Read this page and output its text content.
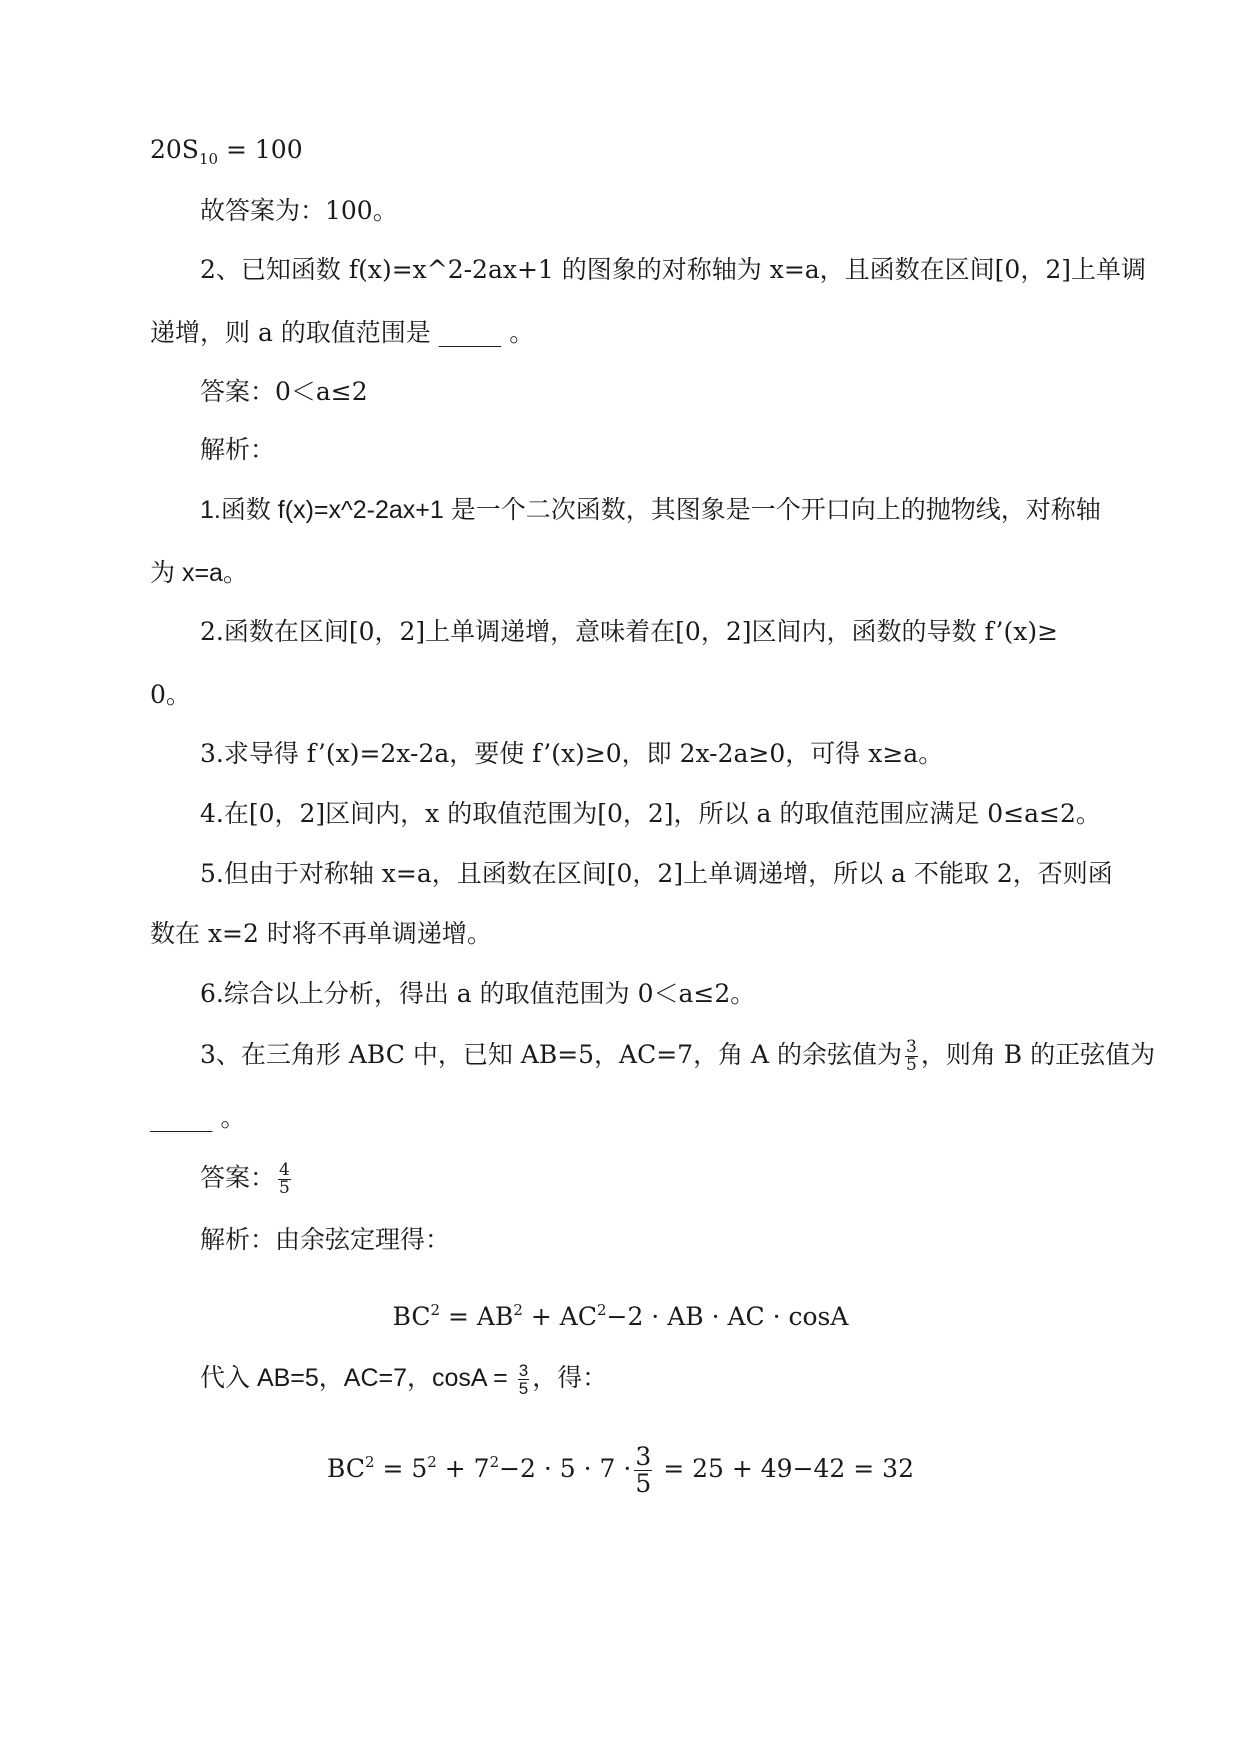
$20S_{10} = 100$
故答案为：100。
2、已知函数 f(x)=x^2-2ax+1 的图象的对称轴为 x=a，且函数在区间[0，2]上单调
递增，则 a 的取值范围是 _____ 。
答案：0＜a≤2
解析：
1.函数 f(x)=x^2-2ax+1 是一个二次函数，其图象是一个开口向上的抛物线，对称轴
为 x=a。
2.函数在区间[0，2]上单调递增，意味着在[0，2]区间内，函数的导数 f’(x)≥
0。
3.求导得 f’(x)=2x-2a，要使 f’(x)≥0，即 2x-2a≥0，可得 x≥a。
4.在[0，2]区间内，x 的取值范围为[0，2]，所以 a 的取值范围应满足 0≤a≤2。
5.但由于对称轴 x=a，且函数在区间[0，2]上单调递增，所以 a 不能取 2，否则函
数在 x=2 时将不再单调递增。
6.综合以上分析，得出 a 的取值范围为 0＜a≤2。
3、在三角形 ABC 中，已知 AB=5，AC=7，角 A 的余弦值为 $\frac{3}{5}$ ，则角 B 的正弦值为
_____ 。
答案： $\frac{4}{5}$
解析：由余弦定理得：
$BC^2 = AB^2 + AC^2-2$ · AB · AC · cosA
代入 AB=5，AC=7，$\cos A = \frac{3}{5}$ ，得：
$BC^2 = 5^2 + 7^2-2 \cdot 5 \cdot 7 \cdot \frac{3}{5} = 25 + 49-42 = 32$
